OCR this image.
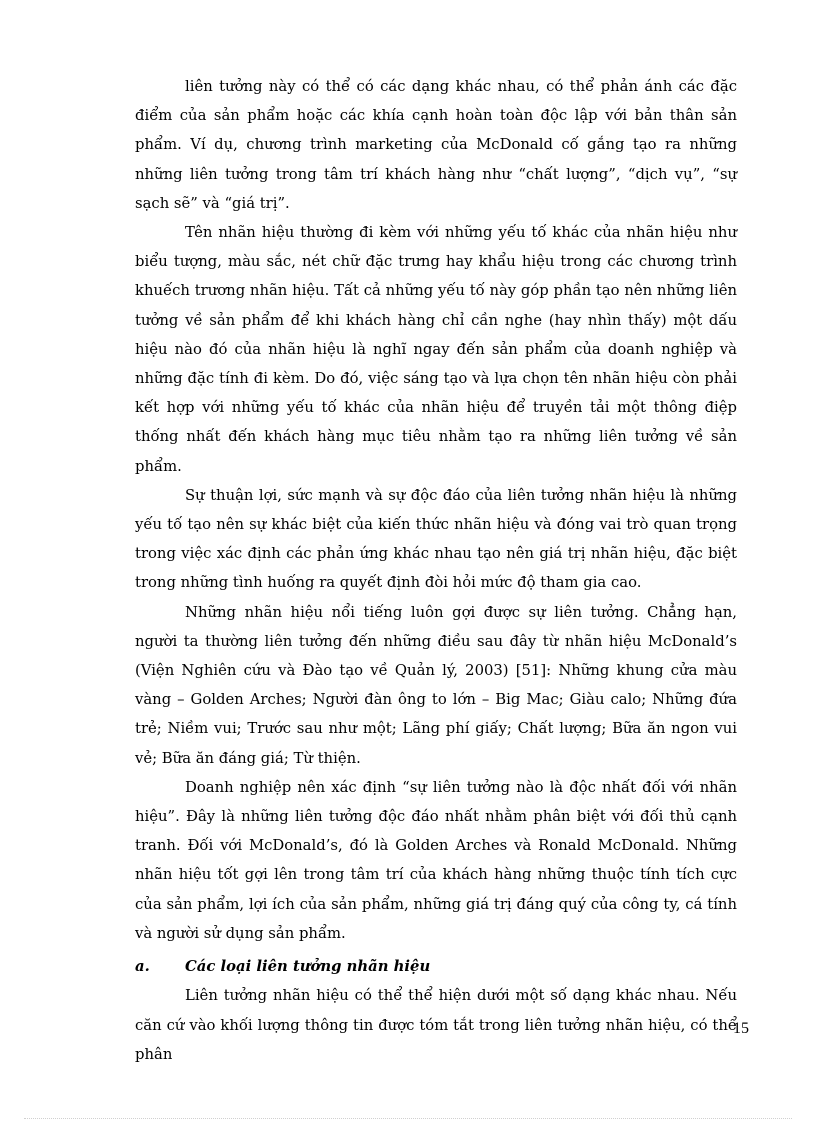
liên tưởng này có thể có các dạng khác nhau, có thể phản ánh các đặc điểm của sản phẩm hoặc các khía cạnh hoàn toàn độc lập với bản thân sản phẩm. Ví dụ, chương trình marketing của McDonald cố gắng tạo ra những những liên tưởng trong tâm trí khách hàng như “chất lượng”, “dịch vụ”, “sự sạch sẽ” và “giá trị”.

Tên nhãn hiệu thường đi kèm với những yếu tố khác của nhãn hiệu như biểu tượng, màu sắc, nét chữ đặc trưng hay khẩu hiệu trong các chương trình khuếch trương nhãn hiệu. Tất cả những yếu tố này góp phần tạo nên những liên tưởng về sản phẩm để khi khách hàng chỉ cần nghe (hay nhìn thấy) một dấu hiệu nào đó của nhãn hiệu là nghĩ ngay đến sản phẩm của doanh nghiệp và những đặc tính đi kèm. Do đó, việc sáng tạo và lựa chọn tên nhãn hiệu còn phải kết hợp với những yếu tố khác của nhãn hiệu để truyền tải một thông điệp thống nhất đến khách hàng mục tiêu nhằm tạo ra những liên tưởng về sản phẩm.

Sự thuận lợi, sức mạnh và sự độc đáo của liên tưởng nhãn hiệu là những yếu tố tạo nên sự khác biệt của kiến thức nhãn hiệu và đóng vai trò quan trọng trong việc xác định các phản ứng khác nhau tạo nên giá trị nhãn hiệu, đặc biệt trong những tình huống ra quyết định đòi hỏi mức độ tham gia cao.

Những nhãn hiệu nổi tiếng luôn gợi được sự liên tưởng. Chẳng hạn, người ta thường liên tưởng đến những điều sau đây từ nhãn hiệu McDonald’s (Viện Nghiên cứu và Đào tạo về Quản lý, 2003) [51]: Những khung cửa màu vàng – Golden Arches; Người đàn ông to lớn – Big Mac; Giàu calo; Những đứa trẻ; Niềm vui; Trước sau như một; Lãng phí giấy; Chất lượng; Bữa ăn ngon vui vẻ; Bữa ăn đáng giá; Từ thiện.

Doanh nghiệp nên xác định “sự liên tưởng nào là độc nhất đối với nhãn hiệu”. Đây là những liên tưởng độc đáo nhất nhằm phân biệt với đối thủ cạnh tranh. Đối với McDonald’s, đó là Golden Arches và Ronald McDonald. Những nhãn hiệu tốt gợi lên trong tâm trí của khách hàng những thuộc tính tích cực của sản phẩm, lợi ích của sản phẩm, những giá trị đáng quý của công ty, cá tính và người sử dụng sản phẩm.

a. Các loại liên tưởng nhãn hiệu

Liên tưởng nhãn hiệu có thể thể hiện dưới một số dạng khác nhau. Nếu căn cứ vào khối lượng thông tin được tóm tắt trong liên tưởng nhãn hiệu, có thể phân

15
